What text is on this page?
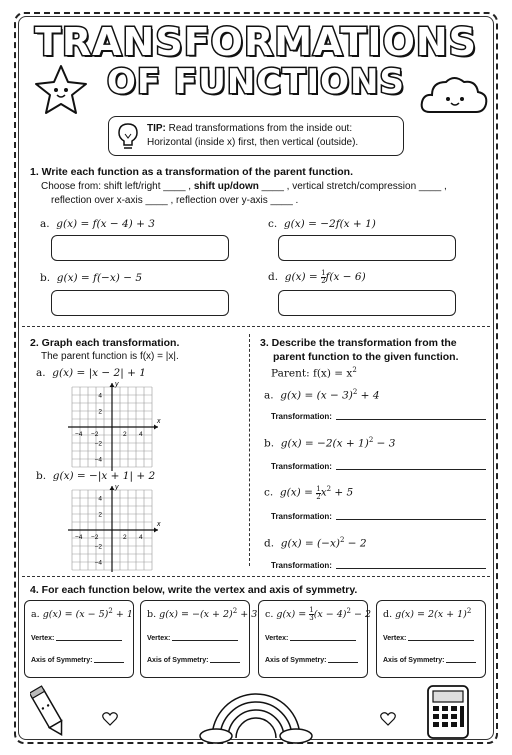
TRANSFORMATIONS
OF FUNCTIONS
TIP: Read transformations from the inside out:
Horizontal (inside x) first, then vertical (outside).
1. Write each function as a transformation of the parent function.
Choose from: shift left/right ____ , shift up/down ____ , vertical stretch/compression ____ ,
reflection over x-axis ____ , reflection over y-axis ____ .
a. g(x) = f(x − 4) + 3	c. g(x) = −2f(x + 1)
b. g(x) = f(−x) − 5	d. $g(x) = \frac{1}{2} f(x - 6)$
2. Graph each transformation.
The parent function is f(x) = |x|.
a. g(x) = |x − 2| + 1
x
y
−4 −2	2 4
4
2
−2
−4
b. g(x) = −|x + 1| + 2
x
y
−4 −2	2 4
4
2
−2
−4
3. Describe the transformation from the
parent function to the given function.
Parent: $f(x) = x^2$
a. $g(x) = (x - 3)^2 + 4$
Transformation:
b. $g(x) = -2(x + 1)^2 - 3$
Transformation:
c. $g(x) = \frac{1}{2} x^2 + 5$
Transformation:
d. $g(x) = (-x)^2 - 2$
Transformation:
4. For each function below, write the vertex and axis of symmetry.
a. $g(x) = (x - 5)^2 + 1$
Vertex:
Axis of Symmetry:
b. $g(x) = -(x + 2)^2 + 3$
Vertex:
Axis of Symmetry:
c. $g(x) = \frac{1}{3} (x - 4)^2 - 2$
Vertex:
Axis of Symmetry:
d. $g(x) = 2(x + 1)^2$
Vertex:
Axis of Symmetry:
